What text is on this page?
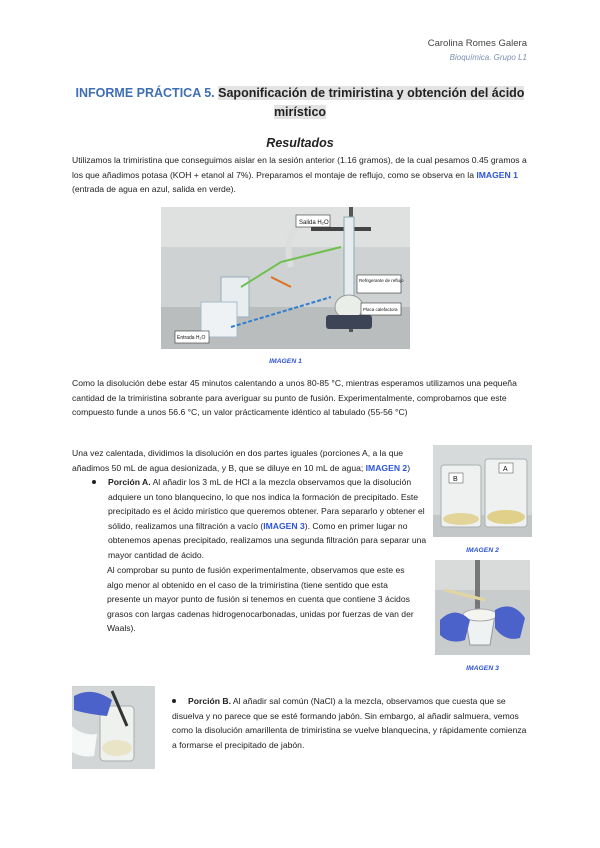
Carolina Romes Galera
Bioquímica. Grupo L1
INFORME PRÁCTICA 5. Saponificación de trimiristina y obtención del ácido
mirístico
Resultados

Utilizamos la trimiristina que conseguimos aislar en la sesión anterior (1.16 gramos), de la cual pesamos 0.45 gramos a los que añadimos potasa (KOH + etanol al 7%). Preparamos el montaje de reflujo, como se observa en la IMAGEN 1 (entrada de agua en azul, salida en verde).

Salida H₂O
Refrigerante de reflujo
Placa calefactora
Entrada H₂O
IMAGEN 1

Como la disolución debe estar 45 minutos calentando a unos 80-85 °C, mientras esperamos utilizamos una pequeña cantidad de la trimiristina sobrante para averiguar su punto de fusión. Experimentalmente, comprobamos que este compuesto funde a unos 56.6 °C, un valor prácticamente idéntico al tabulado (55-56 °C)

Una vez calentada, dividimos la disolución en dos partes iguales (porciones A, a la que añadimos 50 mL de agua desionizada, y B, que se diluye en 10 mL de agua; IMAGEN 2)

Porción A. Al añadir los 3 mL de HCl a la mezcla observamos que la disolución adquiere un tono blanquecino, lo que nos indica la formación de precipitado. Este precipitado es el ácido mirístico que queremos obtener. Para separarlo y obtener el sólido, realizamos una filtración a vacío (IMAGEN 3). Como en primer lugar no obtenemos apenas precipitado, realizamos una segunda filtración para separar una mayor cantidad de ácido.

Al comprobar su punto de fusión experimentalmente, observamos que este es algo menor al obtenido en el caso de la trimiristina (tiene sentido que esta presente un mayor punto de fusión si tenemos en cuenta que contiene 3 ácidos grasos con largas cadenas hidrogenocarbonadas, unidas por fuerzas de van der Waals).

B
A
IMAGEN 2
IMAGEN 3

Porción B. Al añadir sal común (NaCl) a la mezcla, observamos que cuesta que se disuelva y no parece que se esté formando jabón. Sin embargo, al añadir salmuera, vemos como la disolución amarillenta de trimiristina se vuelve blanquecina, y rápidamente comienza a formarse el precipitado de jabón.
